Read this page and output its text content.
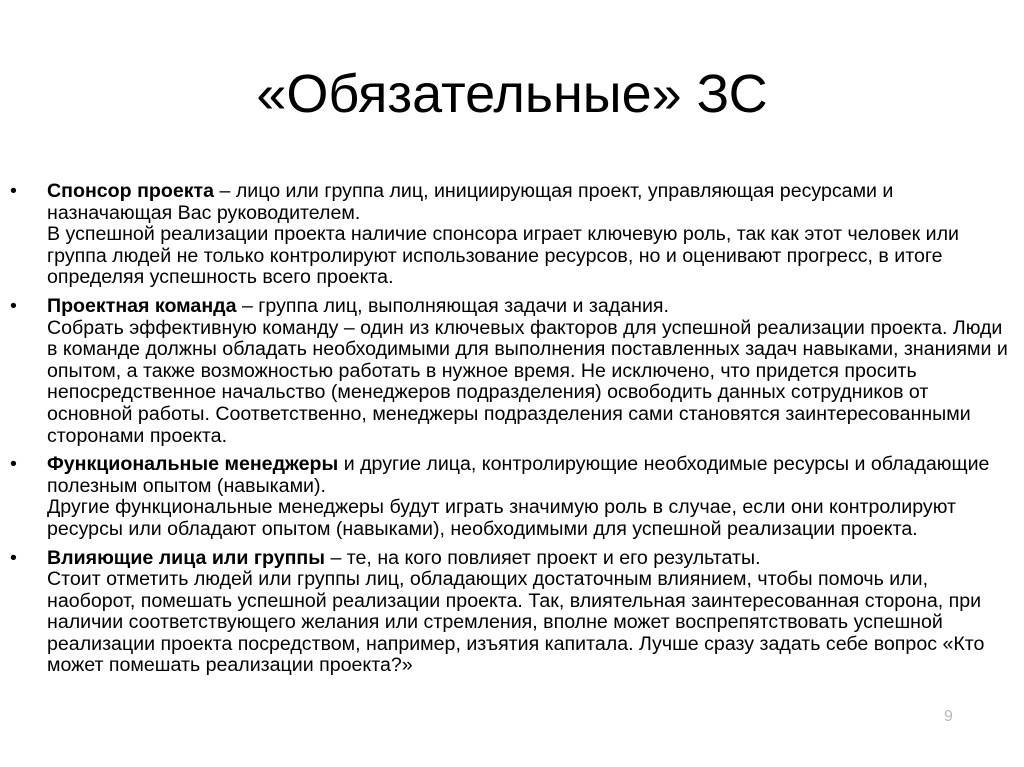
«Обязательные» ЗС
•	Спонсор проекта – лицо или группа лиц, инициирующая проект, управляющая ресурсами и назначающая Вас руководителем.
В успешной реализации проекта наличие спонсора играет ключевую роль, так как этот человек или группа людей не только контролируют использование ресурсов, но и оценивают прогресс, в итоге определяя успешность всего проекта.
•	Проектная команда – группа лиц, выполняющая задачи и задания.
Собрать эффективную команду – один из ключевых факторов для успешной реализации проекта. Люди в команде должны обладать необходимыми для выполнения поставленных задач навыками, знаниями и опытом, а также возможностью работать в нужное время. Не исключено, что придется просить непосредственное начальство (менеджеров подразделения) освободить данных сотрудников от основной работы. Соответственно, менеджеры подразделения сами становятся заинтересованными сторонами проекта.
•	Функциональные менеджеры и другие лица, контролирующие необходимые ресурсы и обладающие полезным опытом (навыками).
Другие функциональные менеджеры будут играть значимую роль в случае, если они контролируют ресурсы или обладают опытом (навыками), необходимыми для успешной реализации проекта.
•	Влияющие лица или группы – те, на кого повлияет проект и его результаты.
Стоит отметить людей или группы лиц, обладающих достаточным влиянием, чтобы помочь или, наоборот, помешать успешной реализации проекта. Так, влиятельная заинтересованная сторона, при наличии соответствующего желания или стремления, вполне может воспрепятствовать успешной реализации проекта посредством, например, изъятия капитала. Лучше сразу задать себе вопрос «Кто может помешать реализации проекта?»
9
